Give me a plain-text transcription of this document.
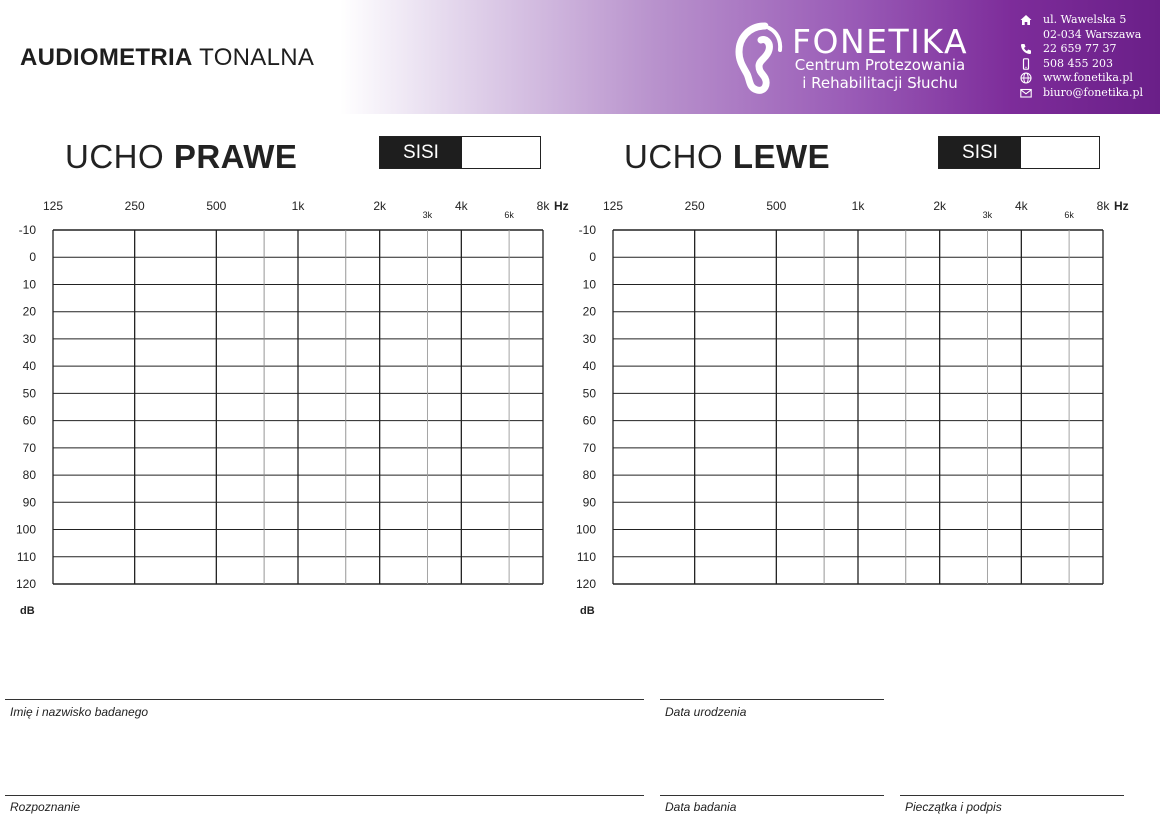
AUDIOMETRIA TONALNA	FONETIKA
Centrum Protezowania
i Rehabilitacji Słuchu
ul. Wawelska 5
02-034 Warszawa
22 659 77 37
508 455 203
www.fonetika.pl
biuro@fonetika.pl
UCHO PRAWE	SISI	UCHO LEWE	SISI
-10
0
10
20
30
40
50
60
70
80
90
100
110
120
125	250	500	1k	2k	4k	8k
3k	6k
Hz
dB
-10
0
10
20
30
40
50
60
70
80
90
100
110
120
125	250	500	1k	2k	4k	8k
3k	6k
Hz
dB
Imię i nazwisko badanego	Data urodzenia
Rozpoznanie	Data badania	Pieczątka i podpis
